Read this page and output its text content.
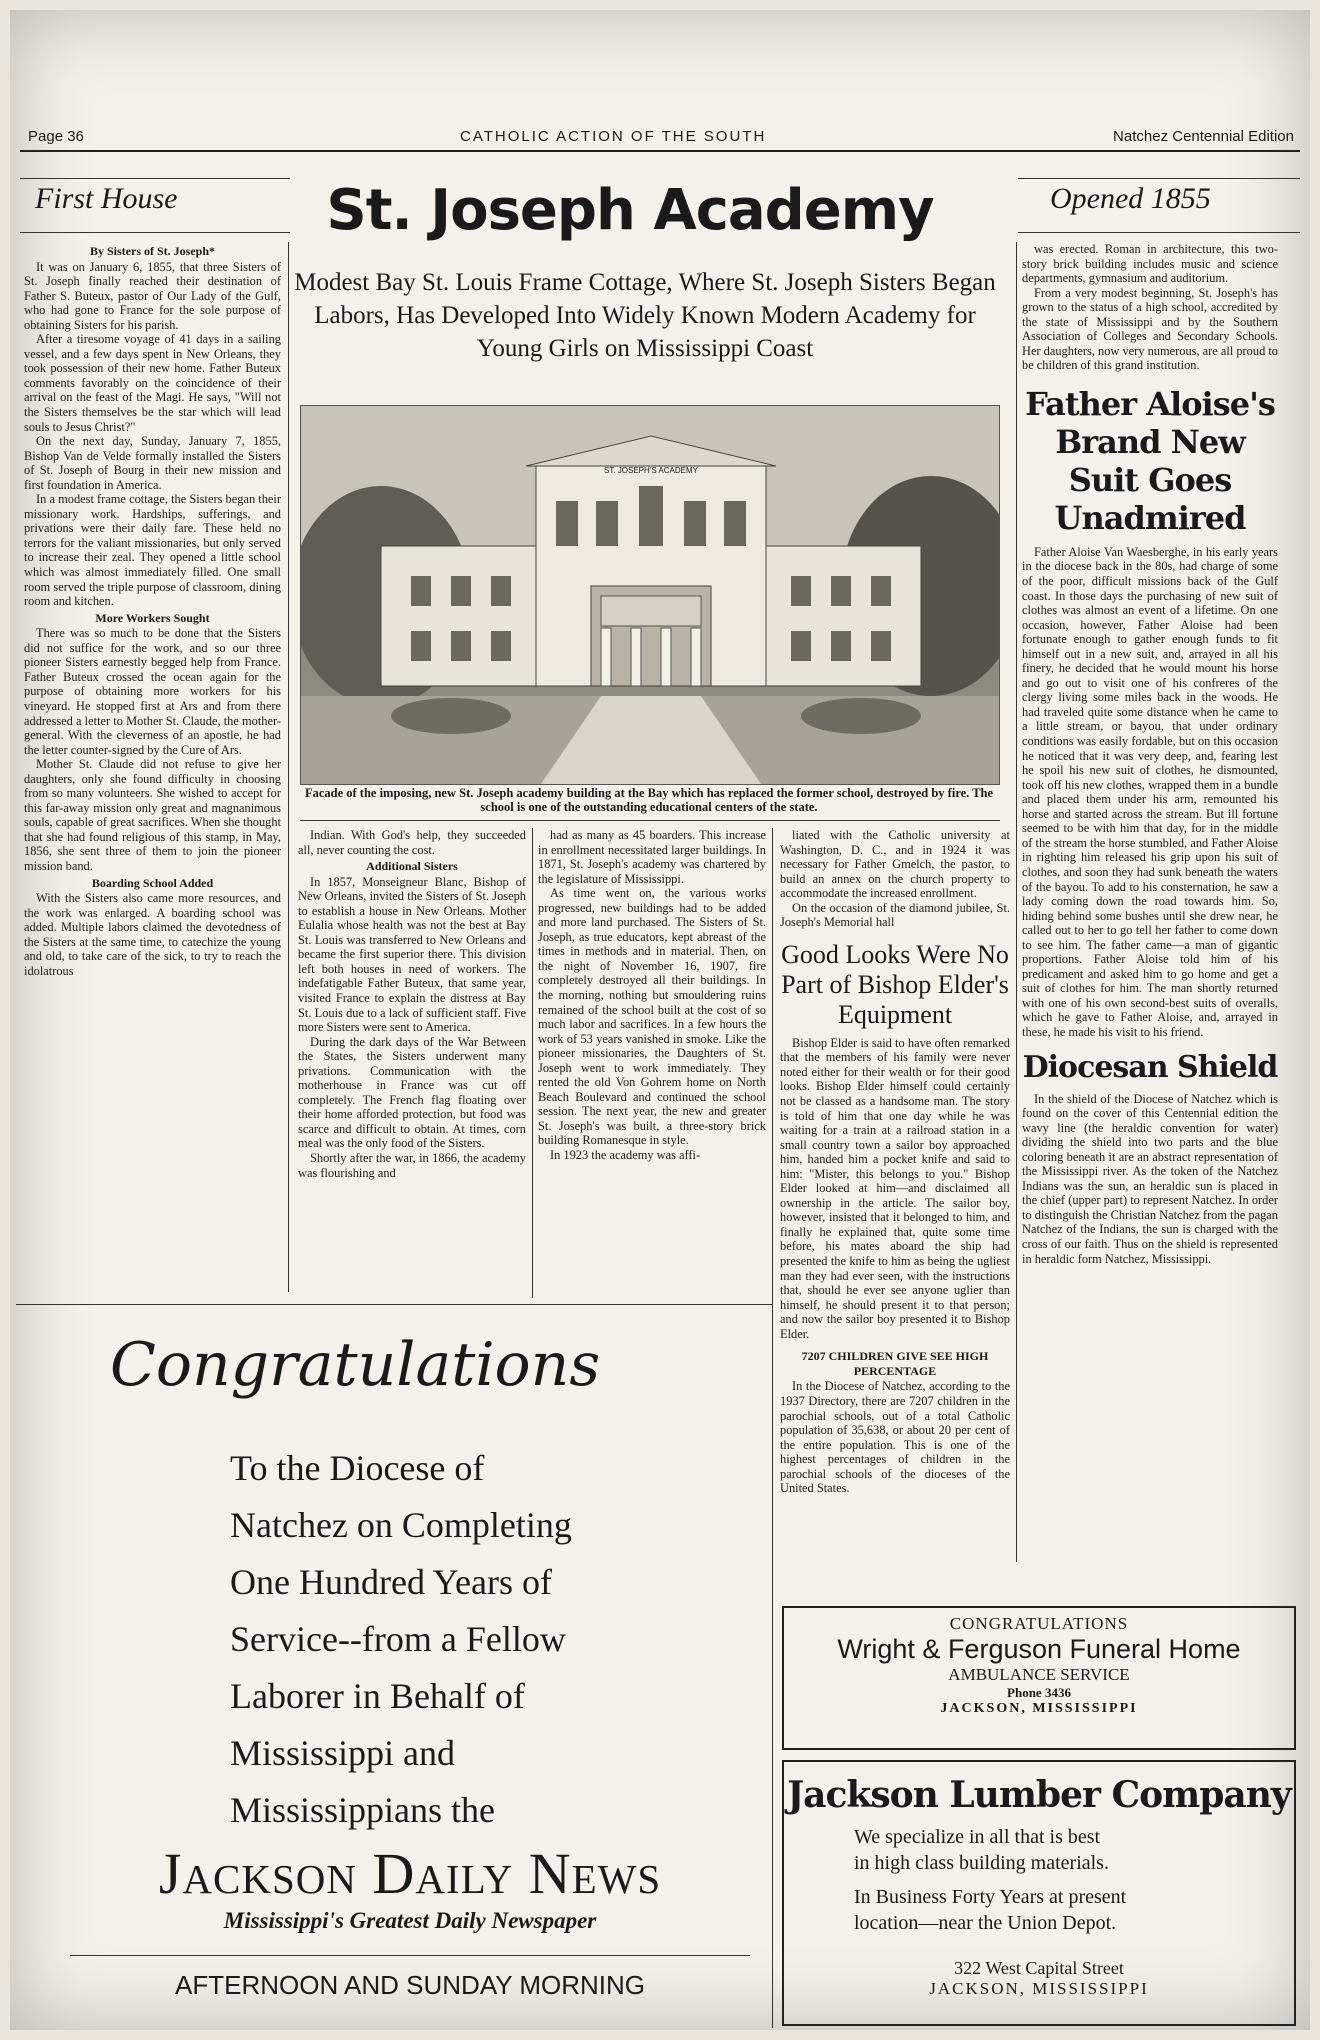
Page 36	CATHOLIC ACTION OF THE SOUTH	Natchez Centennial Edition
First House	Opened 1855
St. Joseph Academy
Modest Bay St. Louis Frame Cottage, Where St. Joseph Sisters Began Labors, Has Developed Into Widely Known Modern Academy for Young Girls on Mississippi Coast
ST. JOSEPH'S ACADEMY
Facade of the imposing, new St. Joseph academy building at the Bay which has replaced the former school, destroyed by fire. The school is one of the outstanding educational centers of the state.
By Sisters of St. Joseph*

It was on January 6, 1855, that three Sisters of St. Joseph finally reached their destination of Father S. Buteux, pastor of Our Lady of the Gulf, who had gone to France for the sole purpose of obtaining Sisters for his parish.

After a tiresome voyage of 41 days in a sailing vessel, and a few days spent in New Orleans, they took possession of their new home. Father Buteux comments favorably on the coincidence of their arrival on the feast of the Magi. He says, "Will not the Sisters themselves be the star which will lead souls to Jesus Christ?"

On the next day, Sunday, January 7, 1855, Bishop Van de Velde formally installed the Sisters of St. Joseph of Bourg in their new mission and first foundation in America.

In a modest frame cottage, the Sisters began their missionary work. Hardships, sufferings, and privations were their daily fare. These held no terrors for the valiant missionaries, but only served to increase their zeal. They opened a little school which was almost immediately filled. One small room served the triple purpose of classroom, dining room and kitchen.

More Workers Sought

There was so much to be done that the Sisters did not suffice for the work, and so our three pioneer Sisters earnestly begged help from France. Father Buteux crossed the ocean again for the purpose of obtaining more workers for his vineyard. He stopped first at Ars and from there addressed a letter to Mother St. Claude, the mother-general. With the cleverness of an apostle, he had the letter counter-signed by the Cure of Ars.

Mother St. Claude did not refuse to give her daughters, only she found difficulty in choosing from so many volunteers. She wished to accept for this far-away mission only great and magnanimous souls, capable of great sacrifices. When she thought that she had found religious of this stamp, in May, 1856, she sent three of them to join the pioneer mission band.

Boarding School Added

With the Sisters also came more resources, and the work was enlarged. A boarding school was added. Multiple labors claimed the devotedness of the Sisters at the same time, to catechize the young and old, to take care of the sick, to try to reach the idolatrous

Indian. With God's help, they succeeded all, never counting the cost.

Additional Sisters

In 1857, Monseigneur Blanc, Bishop of New Orleans, invited the Sisters of St. Joseph to establish a house in New Orleans. Mother Eulalia whose health was not the best at Bay St. Louis was transferred to New Orleans and became the first superior there. This division left both houses in need of workers. The indefatigable Father Buteux, that same year, visited France to explain the distress at Bay St. Louis due to a lack of sufficient staff. Five more Sisters were sent to America.

During the dark days of the War Between the States, the Sisters underwent many privations. Communication with the motherhouse in France was cut off completely. The French flag floating over their home afforded protection, but food was scarce and difficult to obtain. At times, corn meal was the only food of the Sisters.

Shortly after the war, in 1866, the academy was flourishing and

had as many as 45 boarders. This increase in enrollment necessitated larger buildings. In 1871, St. Joseph's academy was chartered by the legislature of Mississippi.

As time went on, the various works progressed, new buildings had to be added and more land purchased. The Sisters of St. Joseph, as true educators, kept abreast of the times in methods and in material. Then, on the night of November 16, 1907, fire completely destroyed all their buildings. In the morning, nothing but smouldering ruins remained of the school built at the cost of so much labor and sacrifices. In a few hours the work of 53 years vanished in smoke. Like the pioneer missionaries, the Daughters of St. Joseph went to work immediately. They rented the old Von Gohrem home on North Beach Boulevard and continued the school session. The next year, the new and greater St. Joseph's was built, a three-story brick building Romanesque in style.

In 1923 the academy was affi-

liated with the Catholic university at Washington, D. C., and in 1924 it was necessary for Father Gmelch, the pastor, to build an annex on the church property to accommodate the increased enrollment.

On the occasion of the diamond jubilee, St. Joseph's Memorial hall

Good Looks Were No Part of Bishop Elder's Equipment

Bishop Elder is said to have often remarked that the members of his family were never noted either for their wealth or for their good looks. Bishop Elder himself could certainly not be classed as a handsome man. The story is told of him that one day while he was waiting for a train at a railroad station in a small country town a sailor boy approached him, handed him a pocket knife and said to him: "Mister, this belongs to you." Bishop Elder looked at him—and disclaimed all ownership in the article. The sailor boy, however, insisted that it belonged to him, and finally he explained that, quite some time before, his mates aboard the ship had presented the knife to him as being the ugliest man they had ever seen, with the instructions that, should he ever see anyone uglier than himself, he should present it to that person; and now the sailor boy presented it to Bishop Elder.

7207 CHILDREN GIVE SEE HIGH PERCENTAGE

In the Diocese of Natchez, according to the 1937 Directory, there are 7207 children in the parochial schools, out of a total Catholic population of 35,638, or about 20 per cent of the entire population. This is one of the highest percentages of children in the parochial schools of the dioceses of the United States.

was erected. Roman in architecture, this two-story brick building includes music and science departments, gymnasium and auditorium.

From a very modest beginning, St. Joseph's has grown to the status of a high school, accredited by the state of Mississippi and by the Southern Association of Colleges and Secondary Schools. Her daughters, now very numerous, are all proud to be children of this grand institution.

Father Aloise's Brand New Suit Goes Unadmired

Father Aloise Van Waesberghe, in his early years in the diocese back in the 80s, had charge of some of the poor, difficult missions back of the Gulf coast. In those days the purchasing of new suit of clothes was almost an event of a lifetime. On one occasion, however, Father Aloise had been fortunate enough to gather enough funds to fit himself out in a new suit, and, arrayed in all his finery, he decided that he would mount his horse and go out to visit one of his confreres of the clergy living some miles back in the woods. He had traveled quite some distance when he came to a little stream, or bayou, that under ordinary conditions was easily fordable, but on this occasion he noticed that it was very deep, and, fearing lest he spoil his new suit of clothes, he dismounted, took off his new clothes, wrapped them in a bundle and placed them under his arm, remounted his horse and started across the stream. But ill fortune seemed to be with him that day, for in the middle of the stream the horse stumbled, and Father Aloise in righting him released his grip upon his suit of clothes, and soon they had sunk beneath the waters of the bayou. To add to his consternation, he saw a lady coming down the road towards him. So, hiding behind some bushes until she drew near, he called out to her to go tell her father to come down to see him. The father came—a man of gigantic proportions. Father Aloise told him of his predicament and asked him to go home and get a suit of clothes for him. The man shortly returned with one of his own second-best suits of overalls, which he gave to Father Aloise, and, arrayed in these, he made his visit to his friend.

Diocesan Shield

In the shield of the Diocese of Natchez which is found on the cover of this Centennial edition the wavy line (the heraldic convention for water) dividing the shield into two parts and the blue coloring beneath it are an abstract representation of the Mississippi river. As the token of the Natchez Indians was the sun, an heraldic sun is placed in the chief (upper part) to represent Natchez. In order to distinguish the Christian Natchez from the pagan Natchez of the Indians, the sun is charged with the cross of our faith. Thus on the shield is represented in heraldic form Natchez, Mississippi.

Congratulations
To the Diocese of
Natchez on Completing
One Hundred Years of
Service--from a Fellow
Laborer in Behalf of
Mississippi and
Mississippians the
Jackson Daily News
Mississippi's Greatest Daily Newspaper
AFTERNOON AND SUNDAY MORNING
CONGRATULATIONS
Wright & Ferguson Funeral Home
AMBULANCE SERVICE
Phone 3436
JACKSON, MISSISSIPPI
Jackson Lumber Company
We specialize in all that is best
in high class building materials.
In Business Forty Years at present
location—near the Union Depot.
322 West Capital Street
JACKSON, MISSISSIPPI
